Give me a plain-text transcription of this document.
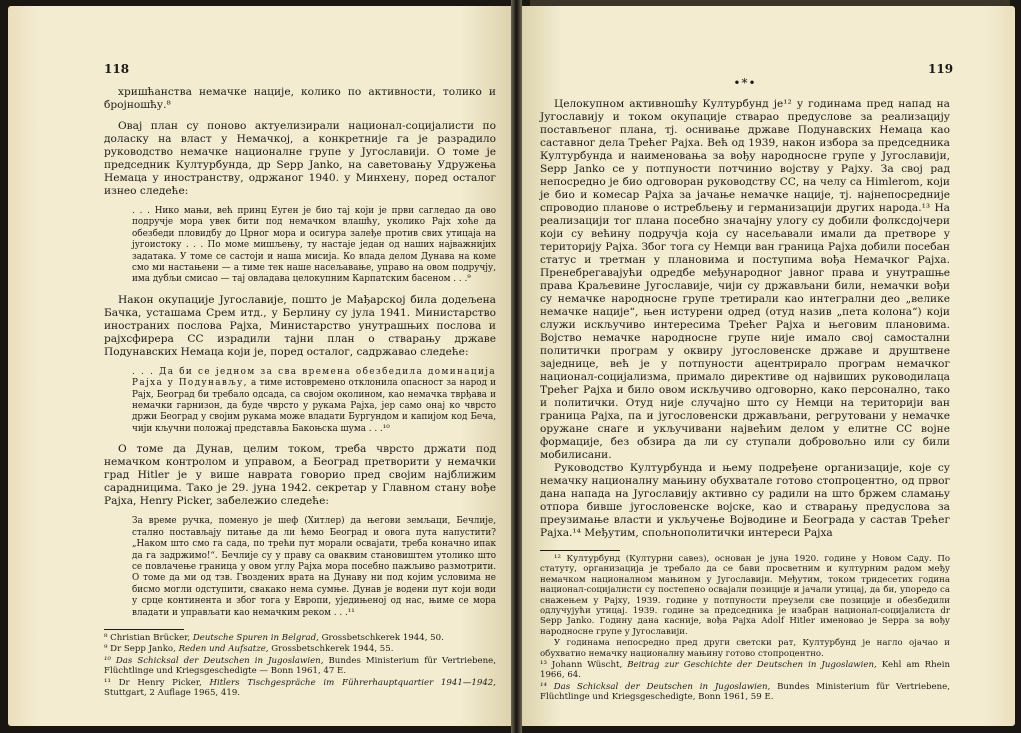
118

хришћанства немачке нације, колико по активности, толико и бројношћу.⁸

Овај план су поново актуелизирали национал-социјалисти по доласку на власт у Немачкој, а конкретније га је разрадило руководство немачке националне групе у Југославији. О томе је председник Културбунда, др Sepp Janko, на саветовању Удружења Немаца у иностранству, одржаног 1940. у Минхену, поред осталог изнео следеће:

. . . Нико мањи, већ принц Еуген је био тај који је први сагледао да ово подручје мора увек бити под немачком влашћу, уколико Рајх хоће да обезбеди пловидбу до Црног мора и осигура залеђе против свих утицаја на југоистоку . . . По моме мишљењу, ту настаје један од наших најважнијих задатака. У томе се састоји и наша мисија. Ко влада делом Дунава на коме смо ми настањени — а тиме тек наше насељавање, управо на овом подручју, има дубљи смисао — тај овладава целокупним Карпатским басеном . . .⁹

Након окупације Југославије, пошто је Мађарској била додељена Бачка, усташама Срем итд., у Берлину су јула 1941. Министарство иностраних послова Рајха, Министарство унутрашњих послова и рајхсфирера СС израдили тајни план о стварању државе Подунавских Немаца који је, поред осталог, садржавао следеће:

. . . Да би се једном за сва времена обезбедила доминација Рајха у Подунављу, а тиме истовремено отклонила опасност за народ и Рајх, Београд би требало одсада, са својом околином, као немачка тврђава и немачки гарнизон, да буде чврсто у рукама Рајха, јер само онај ко чврсто држи Београд у својим рукама може владати Бургундом и капијом код Беча, чији кључни положај представља Бакоњска шума . . .¹⁰

О томе да Дунав, целим током, треба чврсто држати под немачком контролом и управом, а Београд претворити у немачки град Hitler је у више наврата говорио пред својим најближим сарадницима. Тако је 29. јуна 1942. секретар у Главном стану вође Рајха, Henry Picker, забележио следеће:

За време ручка, поменуо је шеф (Хитлер) да његови земљаци, Бечлије, стално постављају питање да ли ћемо Београд и овога пута напустити? „Наком што смо га сада, по трећи пут морали освајати, треба коначно ипак да га задржимо!“. Бечлије су у праву са оваквим становиштем утолико што се повлачење граница у овом углу Рајха мора посебно пажљиво размотрити. О томе да ми од тзв. Гвоздених врата на Дунаву ни под којим условима не бисмо могли одступити, свакако нема сумње. Дунав је водени пут који води у срце континента и због тога у Европи, уједињеној од нас, њиме се мора владати и управљати као немачким реком . . .¹¹

⁸ Christian Brücker, Deutsche Spuren in Belgrad, Grossbetschkerek 1944, 50.

⁹ Dr Sepp Janko, Reden und Aufsatze, Grossbetschkerek 1944, 55.

¹⁰ Das Schicksal der Deutschen in Jugoslawien, Bundes Ministerium für Vertriebene, Flüchtlinge und Kriegsgeschedigte — Bonn 1961, 47 Е.

¹¹ Dr Henry Picker, Hitlers Tischgespräche im Führerhauptquartier 1941—1942, Stuttgart, 2 Auflage 1965, 419.

119
•*•

Целокупном активношћу Културбунд је¹² у годинама пред напад на Југославију и током окупације стварао предуслове за реализацију постављеног плана, тј. оснивање државе Подунавских Немаца као саставног дела Трећег Рајха. Већ од 1939, након избора за председника Културбунда и наименовања за вођу народносне групе у Југославији, Sepp Janko се у потпуности потчинио војству у Рајху. За свој рад непосредно је био одговоран руководству СС, на челу са Himlerom, који је био и комесар Рајха за јачање немачке нације, тј. најнепосредније спроводио планове о истребљењу и германизацији других народа.¹³ На реализацији тог плана посебно значајну улогу су добили фолксдојчери који су већину подручја која су насељавали имали да претворе у територију Рајха. Због тога су Немци ван граница Рајха добили посебан статус и третман у плановима и поступима вођа Немачког Рајха. Пренебрегавајући одредбе међународног јавног права и унутрашње права Краљевине Југославије, чији су држављани били, немачки вођи су немачке народносне групе третирали као интегрални део „велике немачке нације“, њен истурени одред (отуд назив „пета колона“) који служи искључиво интересима Трећег Рајха и његовим плановима. Војство немачке народносне групе није имало свој самостални политички програм у оквиру југословенске државе и друштвене заједнице, већ је у потпуности ацентрирало програм немачког национал-социјализма, примало директиве од највиших руководилаца Трећег Рајха и било овом искључиво одговорно, како персонално, тако и политички. Отуд није случајно што су Немци на територији ван граница Рајха, па и југословенски држављани, регрутовани у немачке оружане снаге и укључивани највећим делом у елитне СС војне формације, без обзира да ли су ступали добровољно или су били мобилисани.

Руководство Културбунда и њему подређене организације, које су немачку националну мањину обухватале готово стопроцентно, од првог дана напада на Југославију активно су радили на што бржем сламању отпора бивше југословенске војске, као и стварању предуслова за преузимање власти и укључење Војводине и Београда у састав Трећег Рајха.¹⁴ Међутим, спољнополитички интереси Рајха

¹² Културбунд (Културни савез), основан је јуна 1920. године у Новом Саду. По статуту, организација је требало да се бави просветним и културним радом међу немачком националном мањином у Југославији. Међутим, током тридесетих година национал-социјалисти су постепено освајали позиције и јачали утицај, да би, упоредо са снажењем у Рајху, 1939. године у потпуности преузели све позиције и обезбедили одлучујући утицај. 1939. године за председника је изабран национал-социјалиста dr Sepp Janko. Годину дана касније, вођа Рајха Adolf Hitler именовао је Sерра за вођу народносне групе у Југославији.

У годинама непосредно пред други светски рат, Културбунд је нагло ојачао и обухватио немачку националну мањину готово стопроцентно.

¹³ Johann Wüscht, Beitrag zur Geschichte der Deutschen in Jugoslawien, Kehl am Rhein 1966, 64.

¹⁴ Das Schicksal der Deutschen in Jugoslawien, Bundes Ministerium für Vertriebene, Flüchtlinge und Kriegsgeschedigte, Bonn 1961, 59 Е.
